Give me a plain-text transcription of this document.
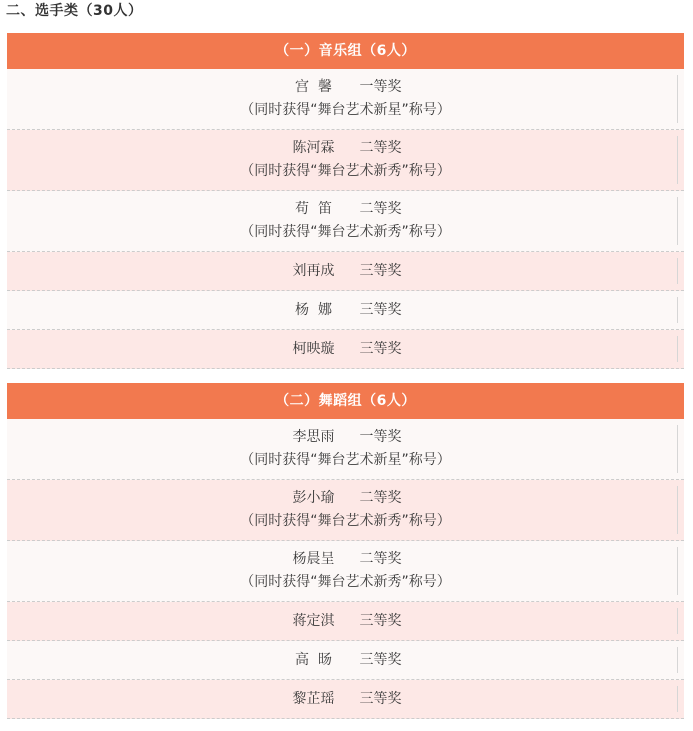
二、选手类（30人）
（一）音乐组（6人）
宫  馨 一等奖
（同时获得“舞台艺术新星”称号）
陈河霖 二等奖
（同时获得“舞台艺术新秀”称号）
苟  笛 二等奖
（同时获得“舞台艺术新秀”称号）
刘再成 三等奖
杨  娜 三等奖
柯映璇 三等奖
（二）舞蹈组（6人）
李思雨 一等奖
（同时获得“舞台艺术新星”称号）
彭小瑜 二等奖
（同时获得“舞台艺术新秀”称号）
杨晨呈 二等奖
（同时获得“舞台艺术新秀”称号）
蒋定淇 三等奖
高  旸 三等奖
黎芷瑶 三等奖
